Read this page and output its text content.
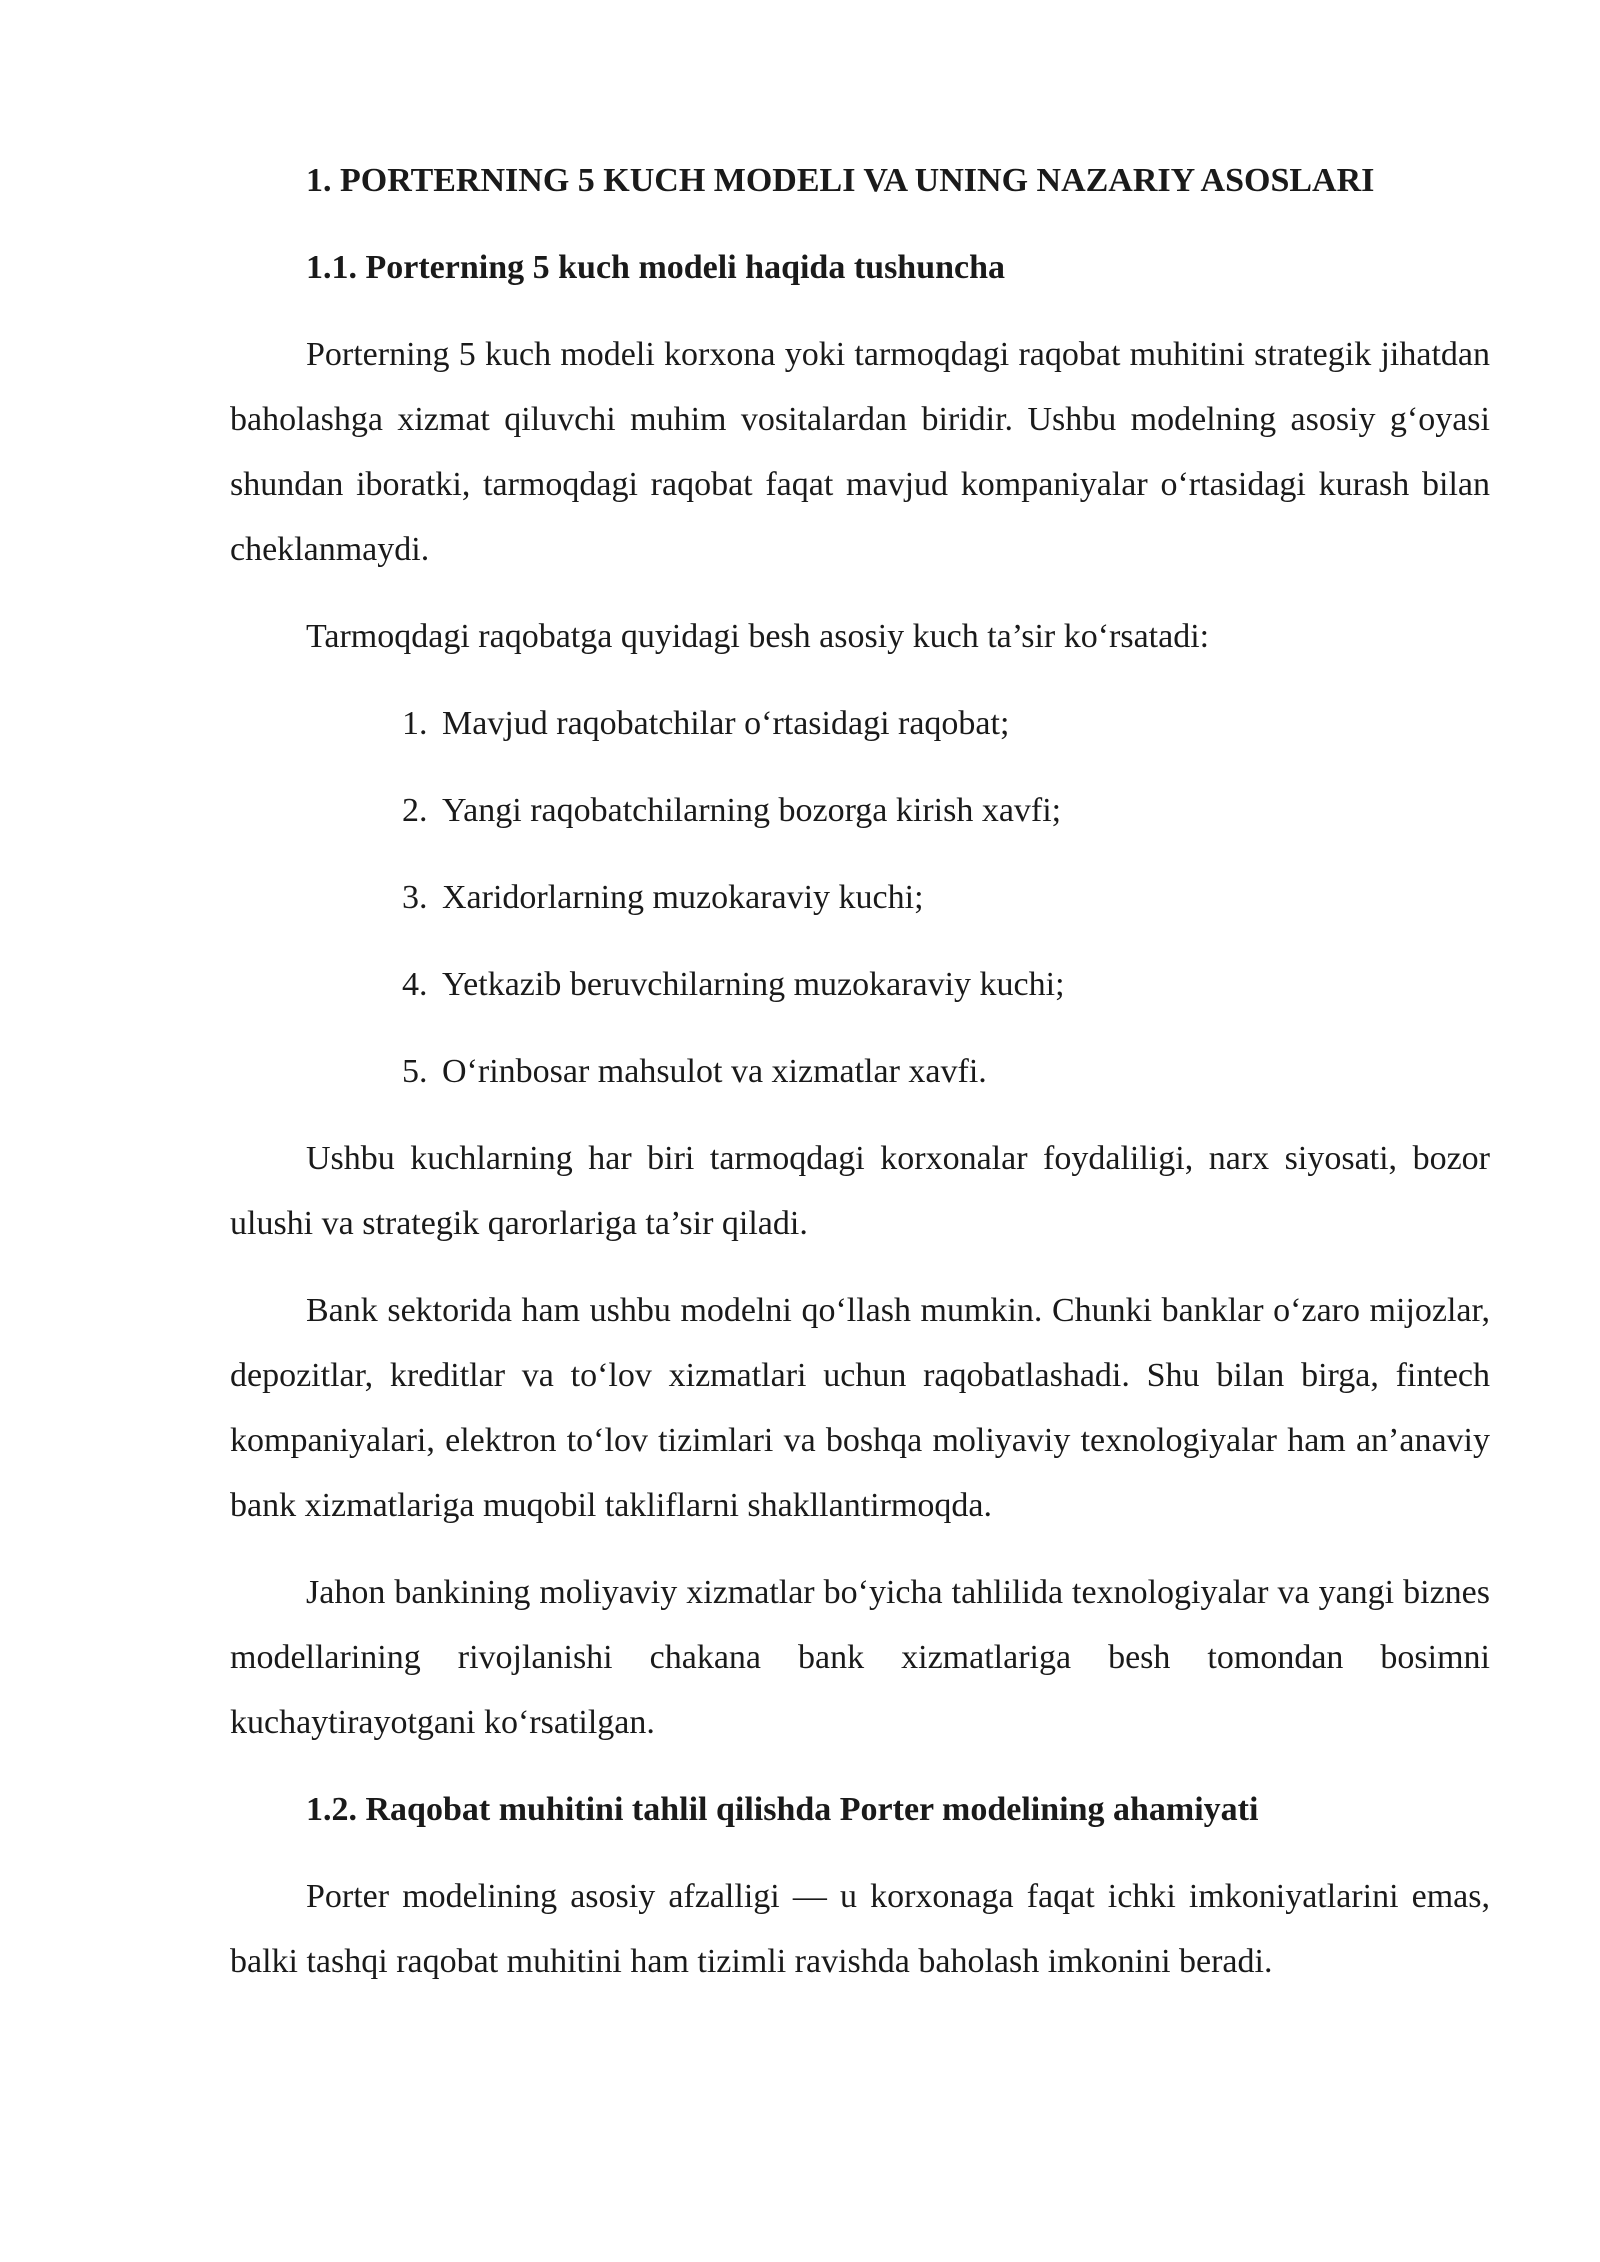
1. PORTERNING 5 KUCH MODELI VA UNING NAZARIY ASOSLARI

1.1. Porterning 5 kuch modeli haqida tushuncha

Porterning 5 kuch modeli korxona yoki tarmoqdagi raqobat muhitini strategik jihatdan baholashga xizmat qiluvchi muhim vositalardan biridir. Ushbu modelning asosiy g‘oyasi shundan iboratki, tarmoqdagi raqobat faqat mavjud kompaniyalar o‘rtasidagi kurash bilan cheklanmaydi.

Tarmoqdagi raqobatga quyidagi besh asosiy kuch ta’sir ko‘rsatadi:

1. Mavjud raqobatchilar o‘rtasidagi raqobat;
2. Yangi raqobatchilarning bozorga kirish xavfi;
3. Xaridorlarning muzokaraviy kuchi;
4. Yetkazib beruvchilarning muzokaraviy kuchi;
5. O‘rinbosar mahsulot va xizmatlar xavfi.

Ushbu kuchlarning har biri tarmoqdagi korxonalar foydaliligi, narx siyosati, bozor ulushi va strategik qarorlariga ta’sir qiladi.

Bank sektorida ham ushbu modelni qo‘llash mumkin. Chunki banklar o‘zaro mijozlar, depozitlar, kreditlar va to‘lov xizmatlari uchun raqobatlashadi. Shu bilan birga, fintech kompaniyalari, elektron to‘lov tizimlari va boshqa moliyaviy texnologiyalar ham an’anaviy bank xizmatlariga muqobil takliflarni shakllantirmoqda.

Jahon bankining moliyaviy xizmatlar bo‘yicha tahlilida texnologiyalar va yangi biznes modellarining rivojlanishi chakana bank xizmatlariga besh tomondan bosimni kuchaytirayotgani ko‘rsatilgan.

1.2. Raqobat muhitini tahlil qilishda Porter modelining ahamiyati

Porter modelining asosiy afzalligi — u korxonaga faqat ichki imkoniyatlarini emas, balki tashqi raqobat muhitini ham tizimli ravishda baholash imkonini beradi.
